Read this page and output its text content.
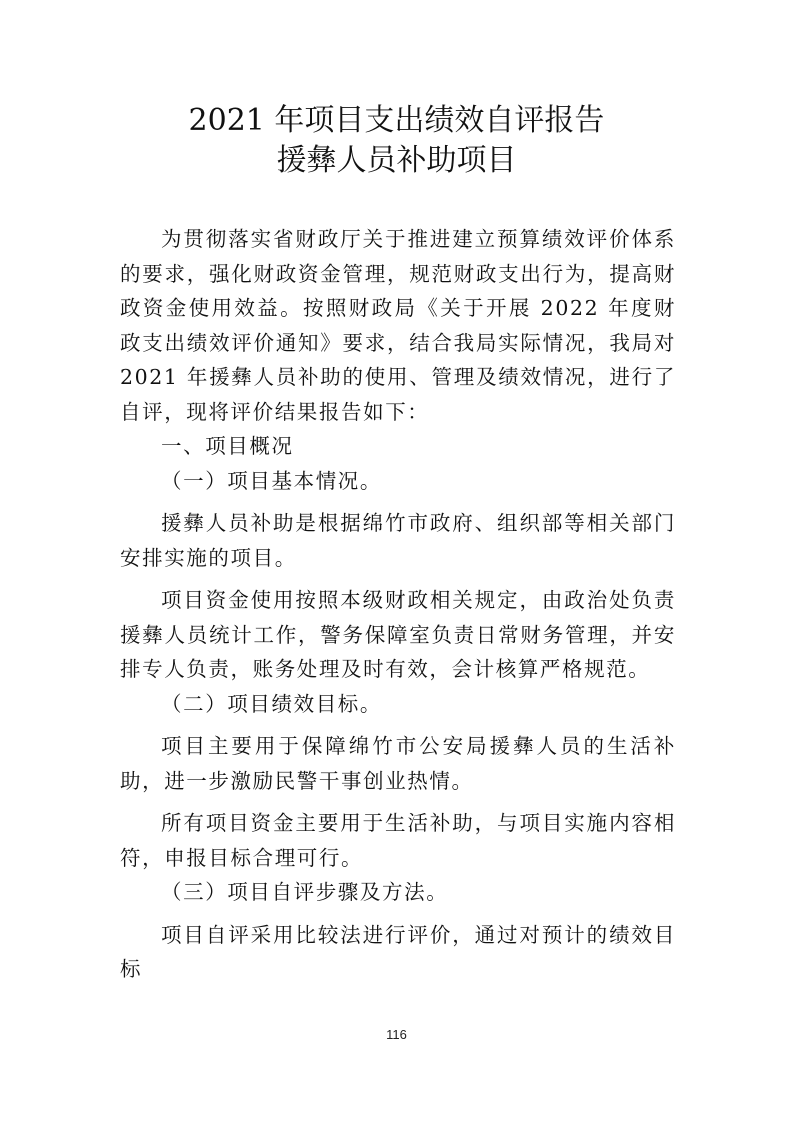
2021 年项目支出绩效自评报告
援彝人员补助项目

为贯彻落实省财政厅关于推进建立预算绩效评价体系的要求，强化财政资金管理，规范财政支出行为，提高财政资金使用效益。按照财政局《关于开展 2022 年度财政支出绩效评价通知》要求，结合我局实际情况，我局对 2021 年援彝人员补助的使用、管理及绩效情况，进行了自评，现将评价结果报告如下：

一、项目概况

（一）项目基本情况。

援彝人员补助是根据绵竹市政府、组织部等相关部门安排实施的项目。

项目资金使用按照本级财政相关规定，由政治处负责援彝人员统计工作，警务保障室负责日常财务管理，并安排专人负责，账务处理及时有效，会计核算严格规范。

（二）项目绩效目标。

项目主要用于保障绵竹市公安局援彝人员的生活补助，进一步激励民警干事创业热情。

所有项目资金主要用于生活补助，与项目实施内容相符，申报目标合理可行。

（三）项目自评步骤及方法。

项目自评采用比较法进行评价，通过对预计的绩效目标

116
